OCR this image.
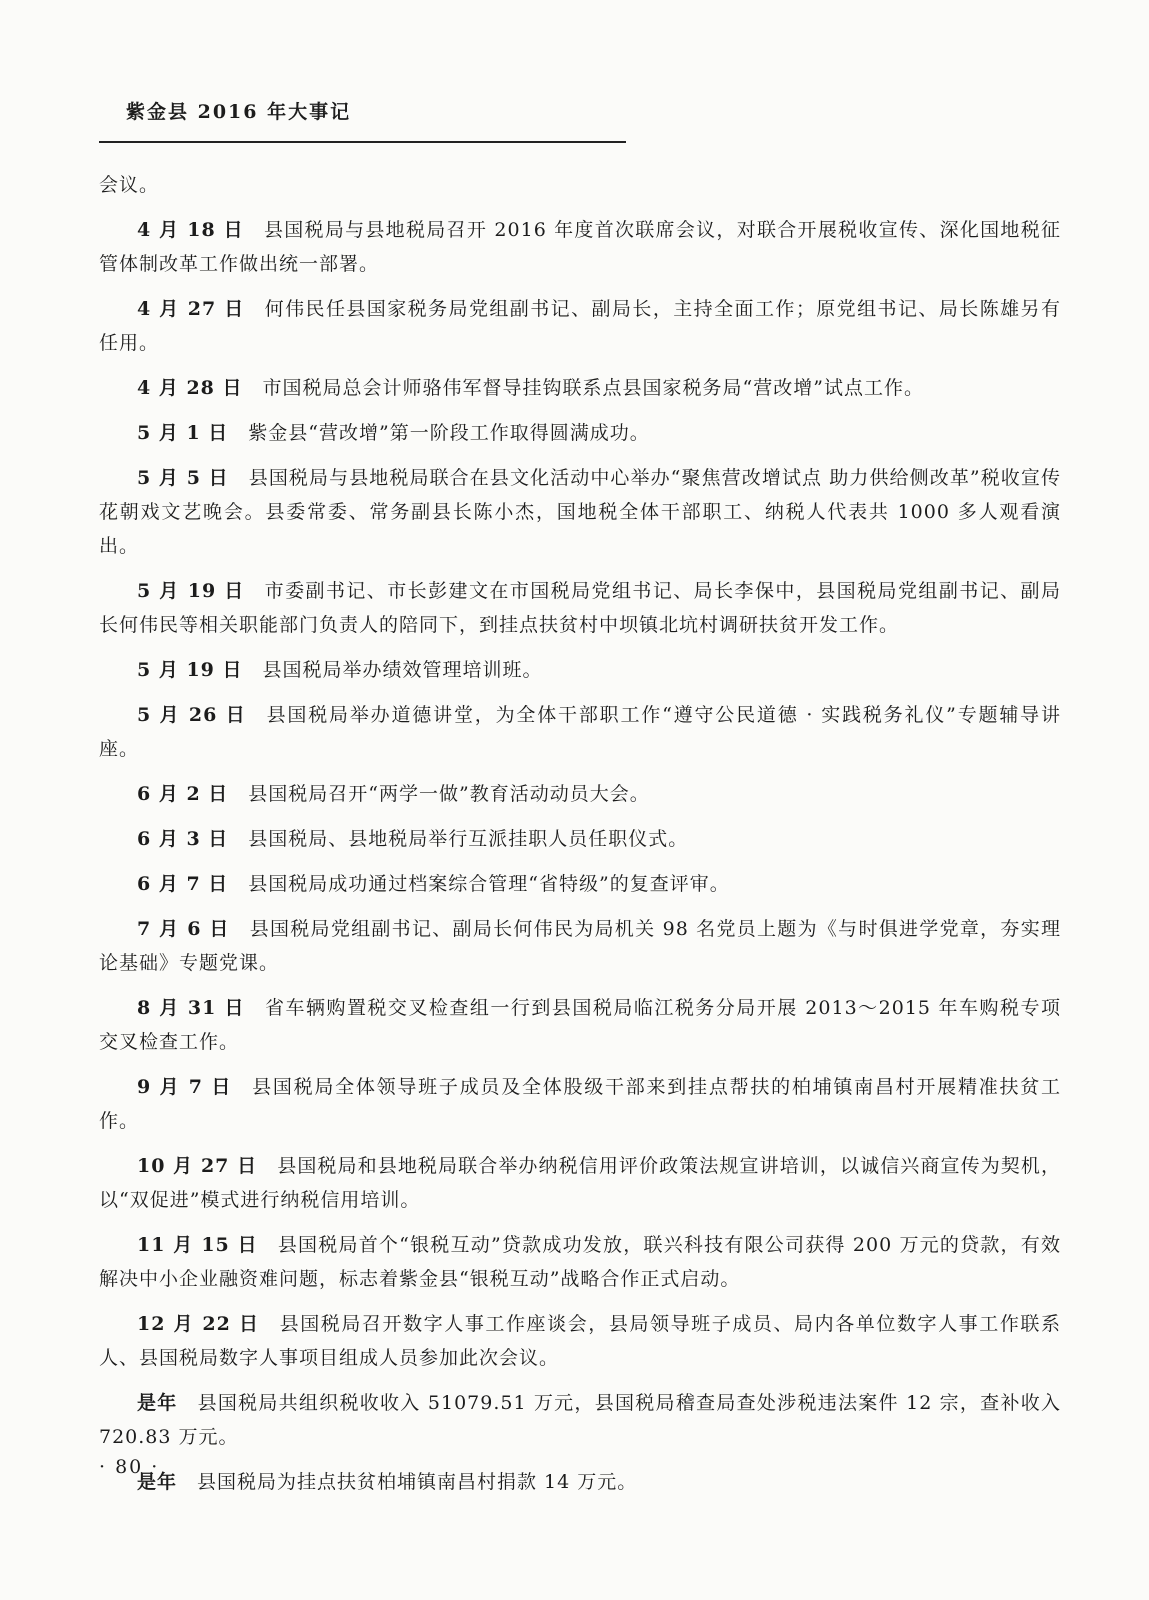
紫金县 2016 年大事记

会议。

4 月 18 日 县国税局与县地税局召开 2016 年度首次联席会议，对联合开展税收宣传、深化国地税征管体制改革工作做出统一部署。

4 月 27 日 何伟民任县国家税务局党组副书记、副局长，主持全面工作；原党组书记、局长陈雄另有任用。

4 月 28 日 市国税局总会计师骆伟军督导挂钩联系点县国家税务局“营改增”试点工作。

5 月 1 日 紫金县“营改增”第一阶段工作取得圆满成功。

5 月 5 日 县国税局与县地税局联合在县文化活动中心举办“聚焦营改增试点 助力供给侧改革”税收宣传花朝戏文艺晚会。县委常委、常务副县长陈小杰，国地税全体干部职工、纳税人代表共 1000 多人观看演出。

5 月 19 日 市委副书记、市长彭建文在市国税局党组书记、局长李保中，县国税局党组副书记、副局长何伟民等相关职能部门负责人的陪同下，到挂点扶贫村中坝镇北坑村调研扶贫开发工作。

5 月 19 日 县国税局举办绩效管理培训班。

5 月 26 日 县国税局举办道德讲堂，为全体干部职工作“遵守公民道德 · 实践税务礼仪”专题辅导讲座。

6 月 2 日 县国税局召开“两学一做”教育活动动员大会。

6 月 3 日 县国税局、县地税局举行互派挂职人员任职仪式。

6 月 7 日 县国税局成功通过档案综合管理“省特级”的复查评审。

7 月 6 日 县国税局党组副书记、副局长何伟民为局机关 98 名党员上题为《与时俱进学党章，夯实理论基础》专题党课。

8 月 31 日 省车辆购置税交叉检查组一行到县国税局临江税务分局开展 2013～2015 年车购税专项交叉检查工作。

9 月 7 日 县国税局全体领导班子成员及全体股级干部来到挂点帮扶的柏埔镇南昌村开展精准扶贫工作。

10 月 27 日 县国税局和县地税局联合举办纳税信用评价政策法规宣讲培训，以诚信兴商宣传为契机，以“双促进”模式进行纳税信用培训。

11 月 15 日 县国税局首个“银税互动”贷款成功发放，联兴科技有限公司获得 200 万元的贷款，有效解决中小企业融资难问题，标志着紫金县“银税互动”战略合作正式启动。

12 月 22 日 县国税局召开数字人事工作座谈会，县局领导班子成员、局内各单位数字人事工作联系人、县国税局数字人事项目组成人员参加此次会议。

是年 县国税局共组织税收收入 51079.51 万元，县国税局稽查局查处涉税违法案件 12 宗，查补收入 720.83 万元。

是年 县国税局为挂点扶贫柏埔镇南昌村捐款 14 万元。

· 80 ·
